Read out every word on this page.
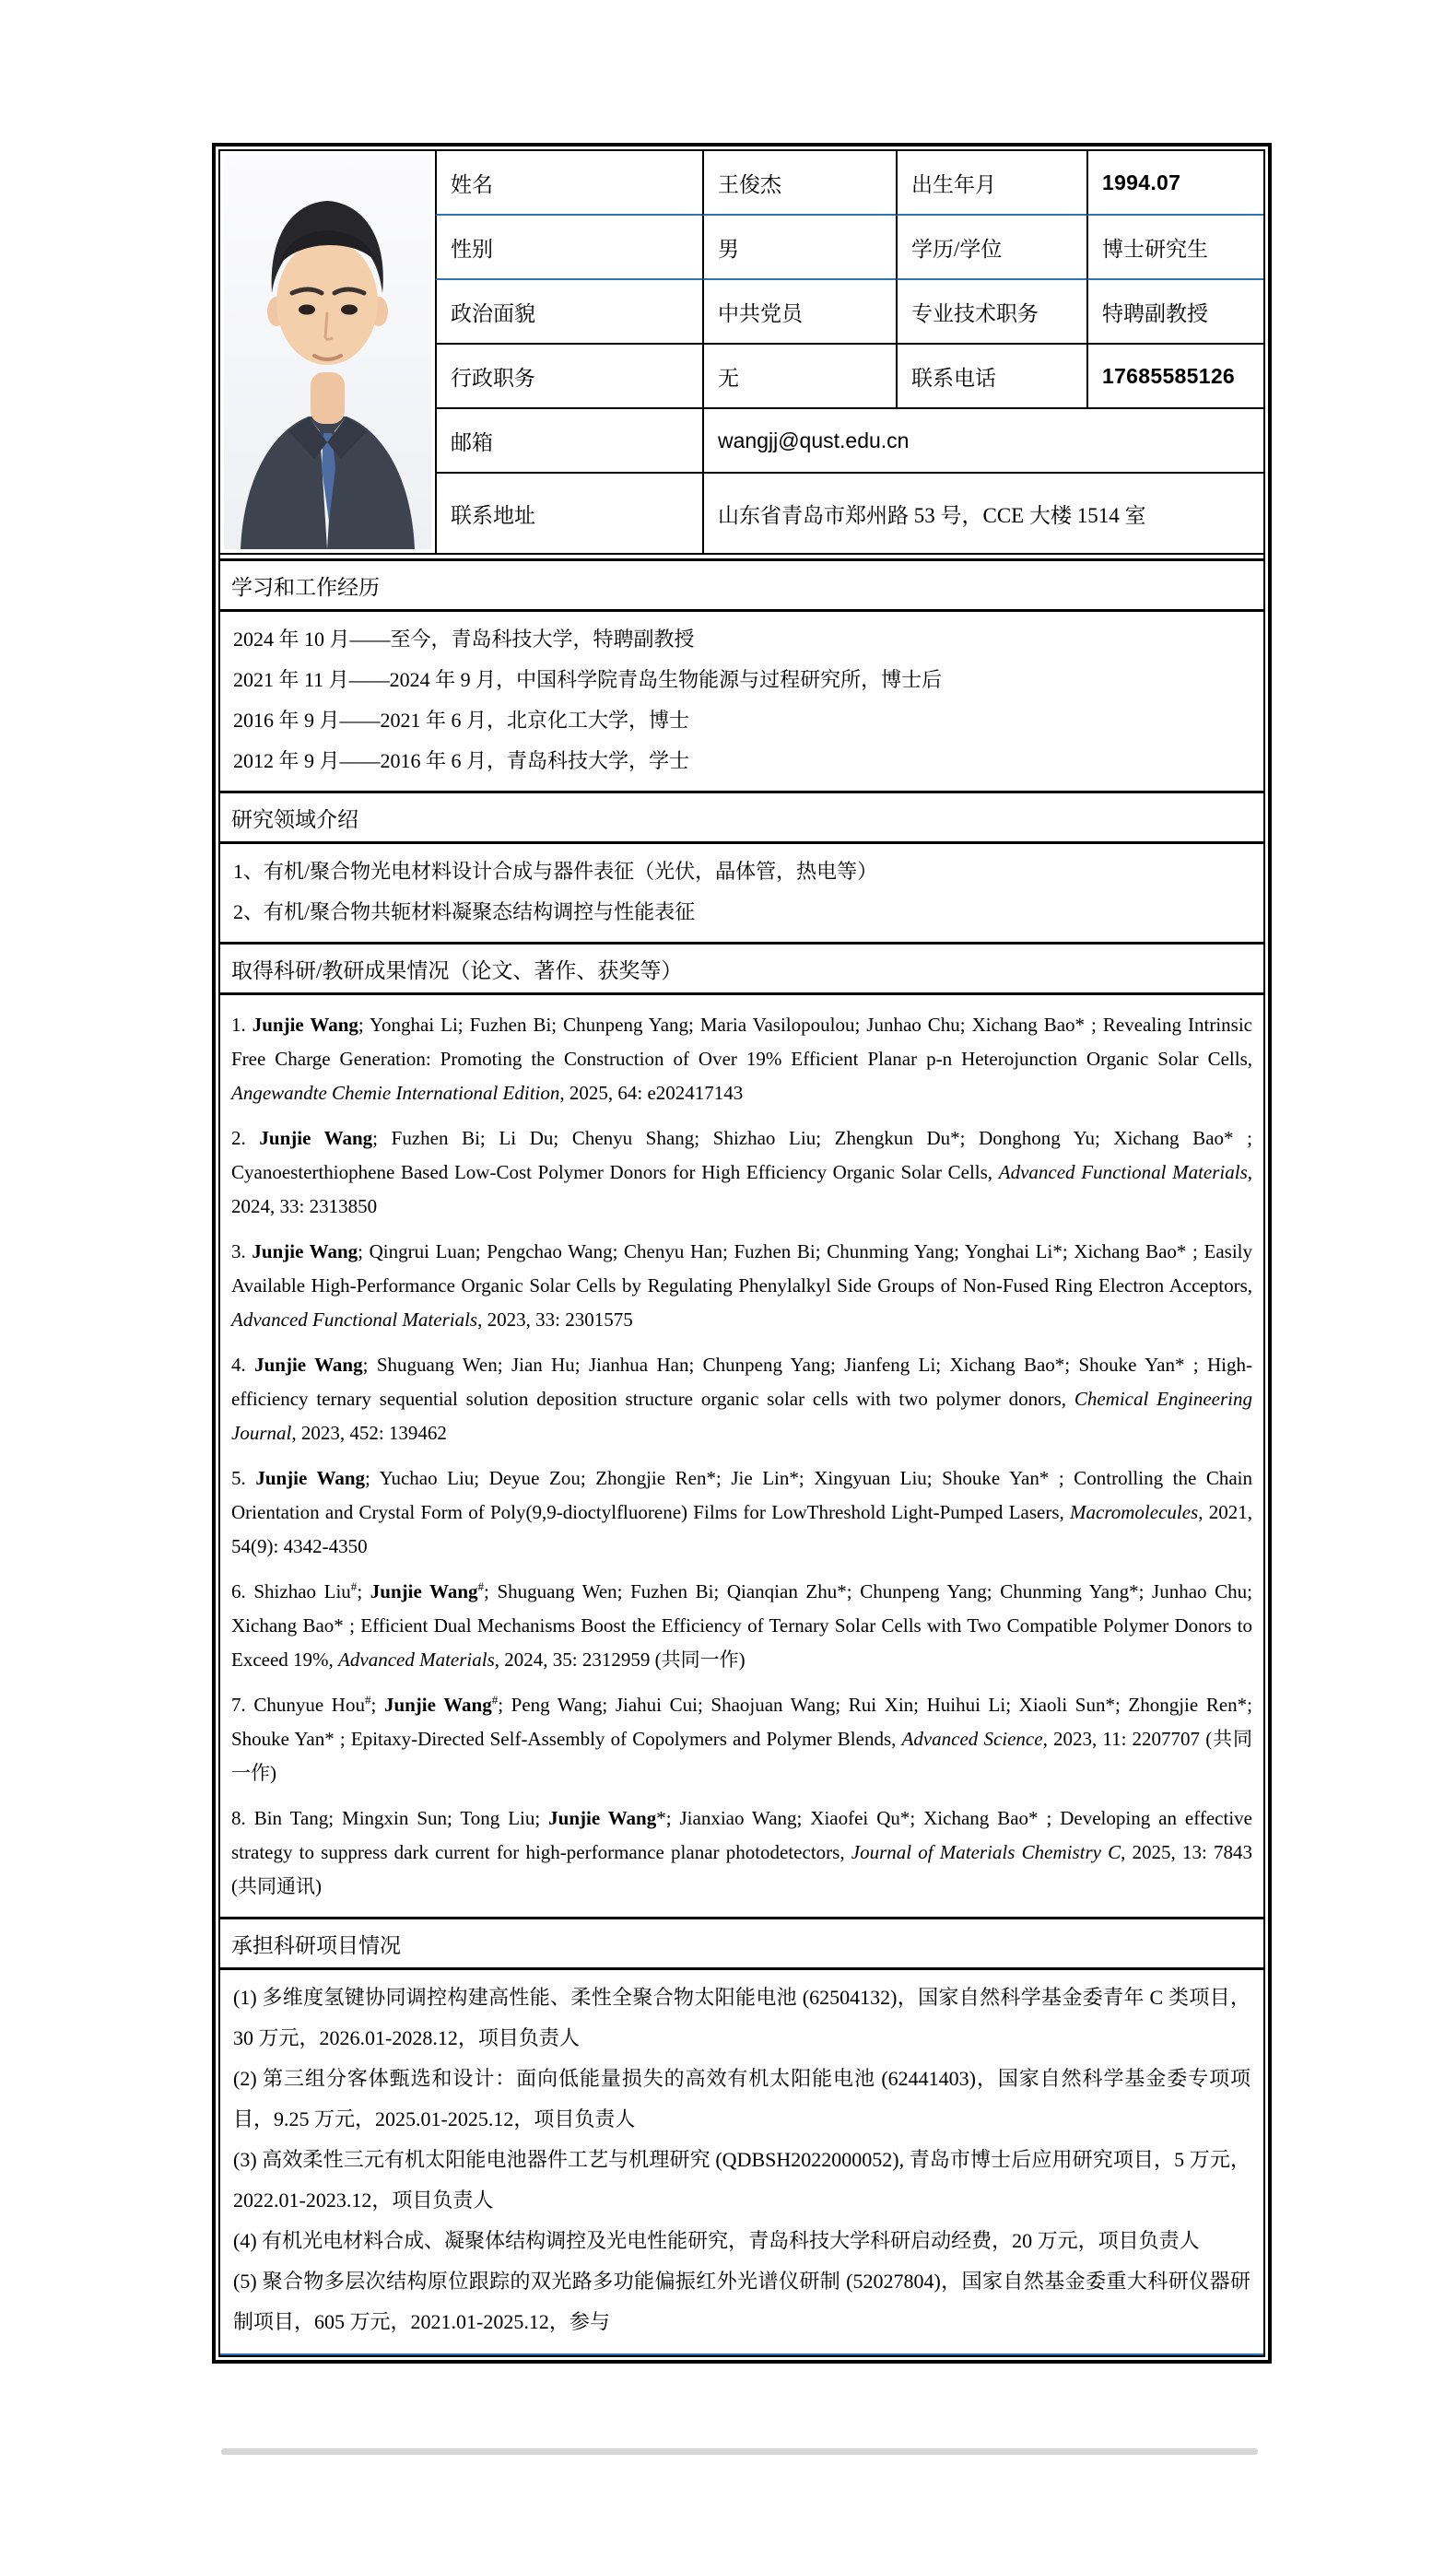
姓名	王俊杰	出生年月	1994.07
性别	男	学历/学位	博士研究生
政治面貌	中共党员	专业技术职务	特聘副教授
行政职务	无	联系电话	17685585126
邮箱	wangjj@qust.edu.cn
联系地址	山东省青岛市郑州路 53 号，CCE 大楼 1514 室
学习和工作经历
2024 年 10 月——至今，青岛科技大学，特聘副教授
2021 年 11 月——2024 年 9 月，中国科学院青岛生物能源与过程研究所，博士后
2016 年 9 月——2021 年 6 月，北京化工大学，博士
2012 年 9 月——2016 年 6 月，青岛科技大学，学士
研究领域介绍
1、有机/聚合物光电材料设计合成与器件表征（光伏，晶体管，热电等）
2、有机/聚合物共轭材料凝聚态结构调控与性能表征
取得科研/教研成果情况（论文、著作、获奖等）

1. Junjie Wang; Yonghai Li; Fuzhen Bi; Chunpeng Yang; Maria Vasilopoulou; Junhao Chu; Xichang Bao* ; Revealing Intrinsic Free Charge Generation: Promoting the Construction of Over 19% Efficient Planar p-n Heterojunction Organic Solar Cells, Angewandte Chemie International Edition, 2025, 64: e202417143

2. Junjie Wang; Fuzhen Bi; Li Du; Chenyu Shang; Shizhao Liu; Zhengkun Du*; Donghong Yu; Xichang Bao* ; Cyanoesterthiophene Based Low-Cost Polymer Donors for High Efficiency Organic Solar Cells, Advanced Functional Materials, 2024, 33: 2313850

3. Junjie Wang; Qingrui Luan; Pengchao Wang; Chenyu Han; Fuzhen Bi; Chunming Yang; Yonghai Li*; Xichang Bao* ; Easily Available High-Performance Organic Solar Cells by Regulating Phenylalkyl Side Groups of Non-Fused Ring Electron Acceptors, Advanced Functional Materials, 2023, 33: 2301575

4. Junjie Wang; Shuguang Wen; Jian Hu; Jianhua Han; Chunpeng Yang; Jianfeng Li; Xichang Bao*; Shouke Yan* ; High-efficiency ternary sequential solution deposition structure organic solar cells with two polymer donors, Chemical Engineering Journal, 2023, 452: 139462

5. Junjie Wang; Yuchao Liu; Deyue Zou; Zhongjie Ren*; Jie Lin*; Xingyuan Liu; Shouke Yan* ; Controlling the Chain Orientation and Crystal Form of Poly(9,9-dioctylfluorene) Films for LowThreshold Light-Pumped Lasers, Macromolecules, 2021, 54(9): 4342-4350

6. Shizhao Liu#; Junjie Wang#; Shuguang Wen; Fuzhen Bi; Qianqian Zhu*; Chunpeng Yang; Chunming Yang*; Junhao Chu; Xichang Bao* ; Efficient Dual Mechanisms Boost the Efficiency of Ternary Solar Cells with Two Compatible Polymer Donors to Exceed 19%, Advanced Materials, 2024, 35: 2312959 (共同一作)

7. Chunyue Hou#; Junjie Wang#; Peng Wang; Jiahui Cui; Shaojuan Wang; Rui Xin; Huihui Li; Xiaoli Sun*; Zhongjie Ren*; Shouke Yan* ; Epitaxy-Directed Self-Assembly of Copolymers and Polymer Blends, Advanced Science, 2023, 11: 2207707 (共同一作)

8. Bin Tang; Mingxin Sun; Tong Liu; Junjie Wang*; Jianxiao Wang; Xiaofei Qu*; Xichang Bao* ; Developing an effective strategy to suppress dark current for high-performance planar photodetectors, Journal of Materials Chemistry C, 2025, 13: 7843 (共同通讯)

承担科研项目情况
(1) 多维度氢键协同调控构建高性能、柔性全聚合物太阳能电池 (62504132)，国家自然科学基金委青年 C 类项目，30 万元，2026.01-2028.12，项目负责人
(2) 第三组分客体甄选和设计：面向低能量损失的高效有机太阳能电池 (62441403)，国家自然科学基金委专项项目，9.25 万元，2025.01-2025.12，项目负责人
(3) 高效柔性三元有机太阳能电池器件工艺与机理研究 (QDBSH2022000052), 青岛市博士后应用研究项目，5 万元，2022.01-2023.12，项目负责人
(4) 有机光电材料合成、凝聚体结构调控及光电性能研究，青岛科技大学科研启动经费，20 万元，项目负责人
(5) 聚合物多层次结构原位跟踪的双光路多功能偏振红外光谱仪研制 (52027804)，国家自然基金委重大科研仪器研制项目，605 万元，2021.01-2025.12，参与
